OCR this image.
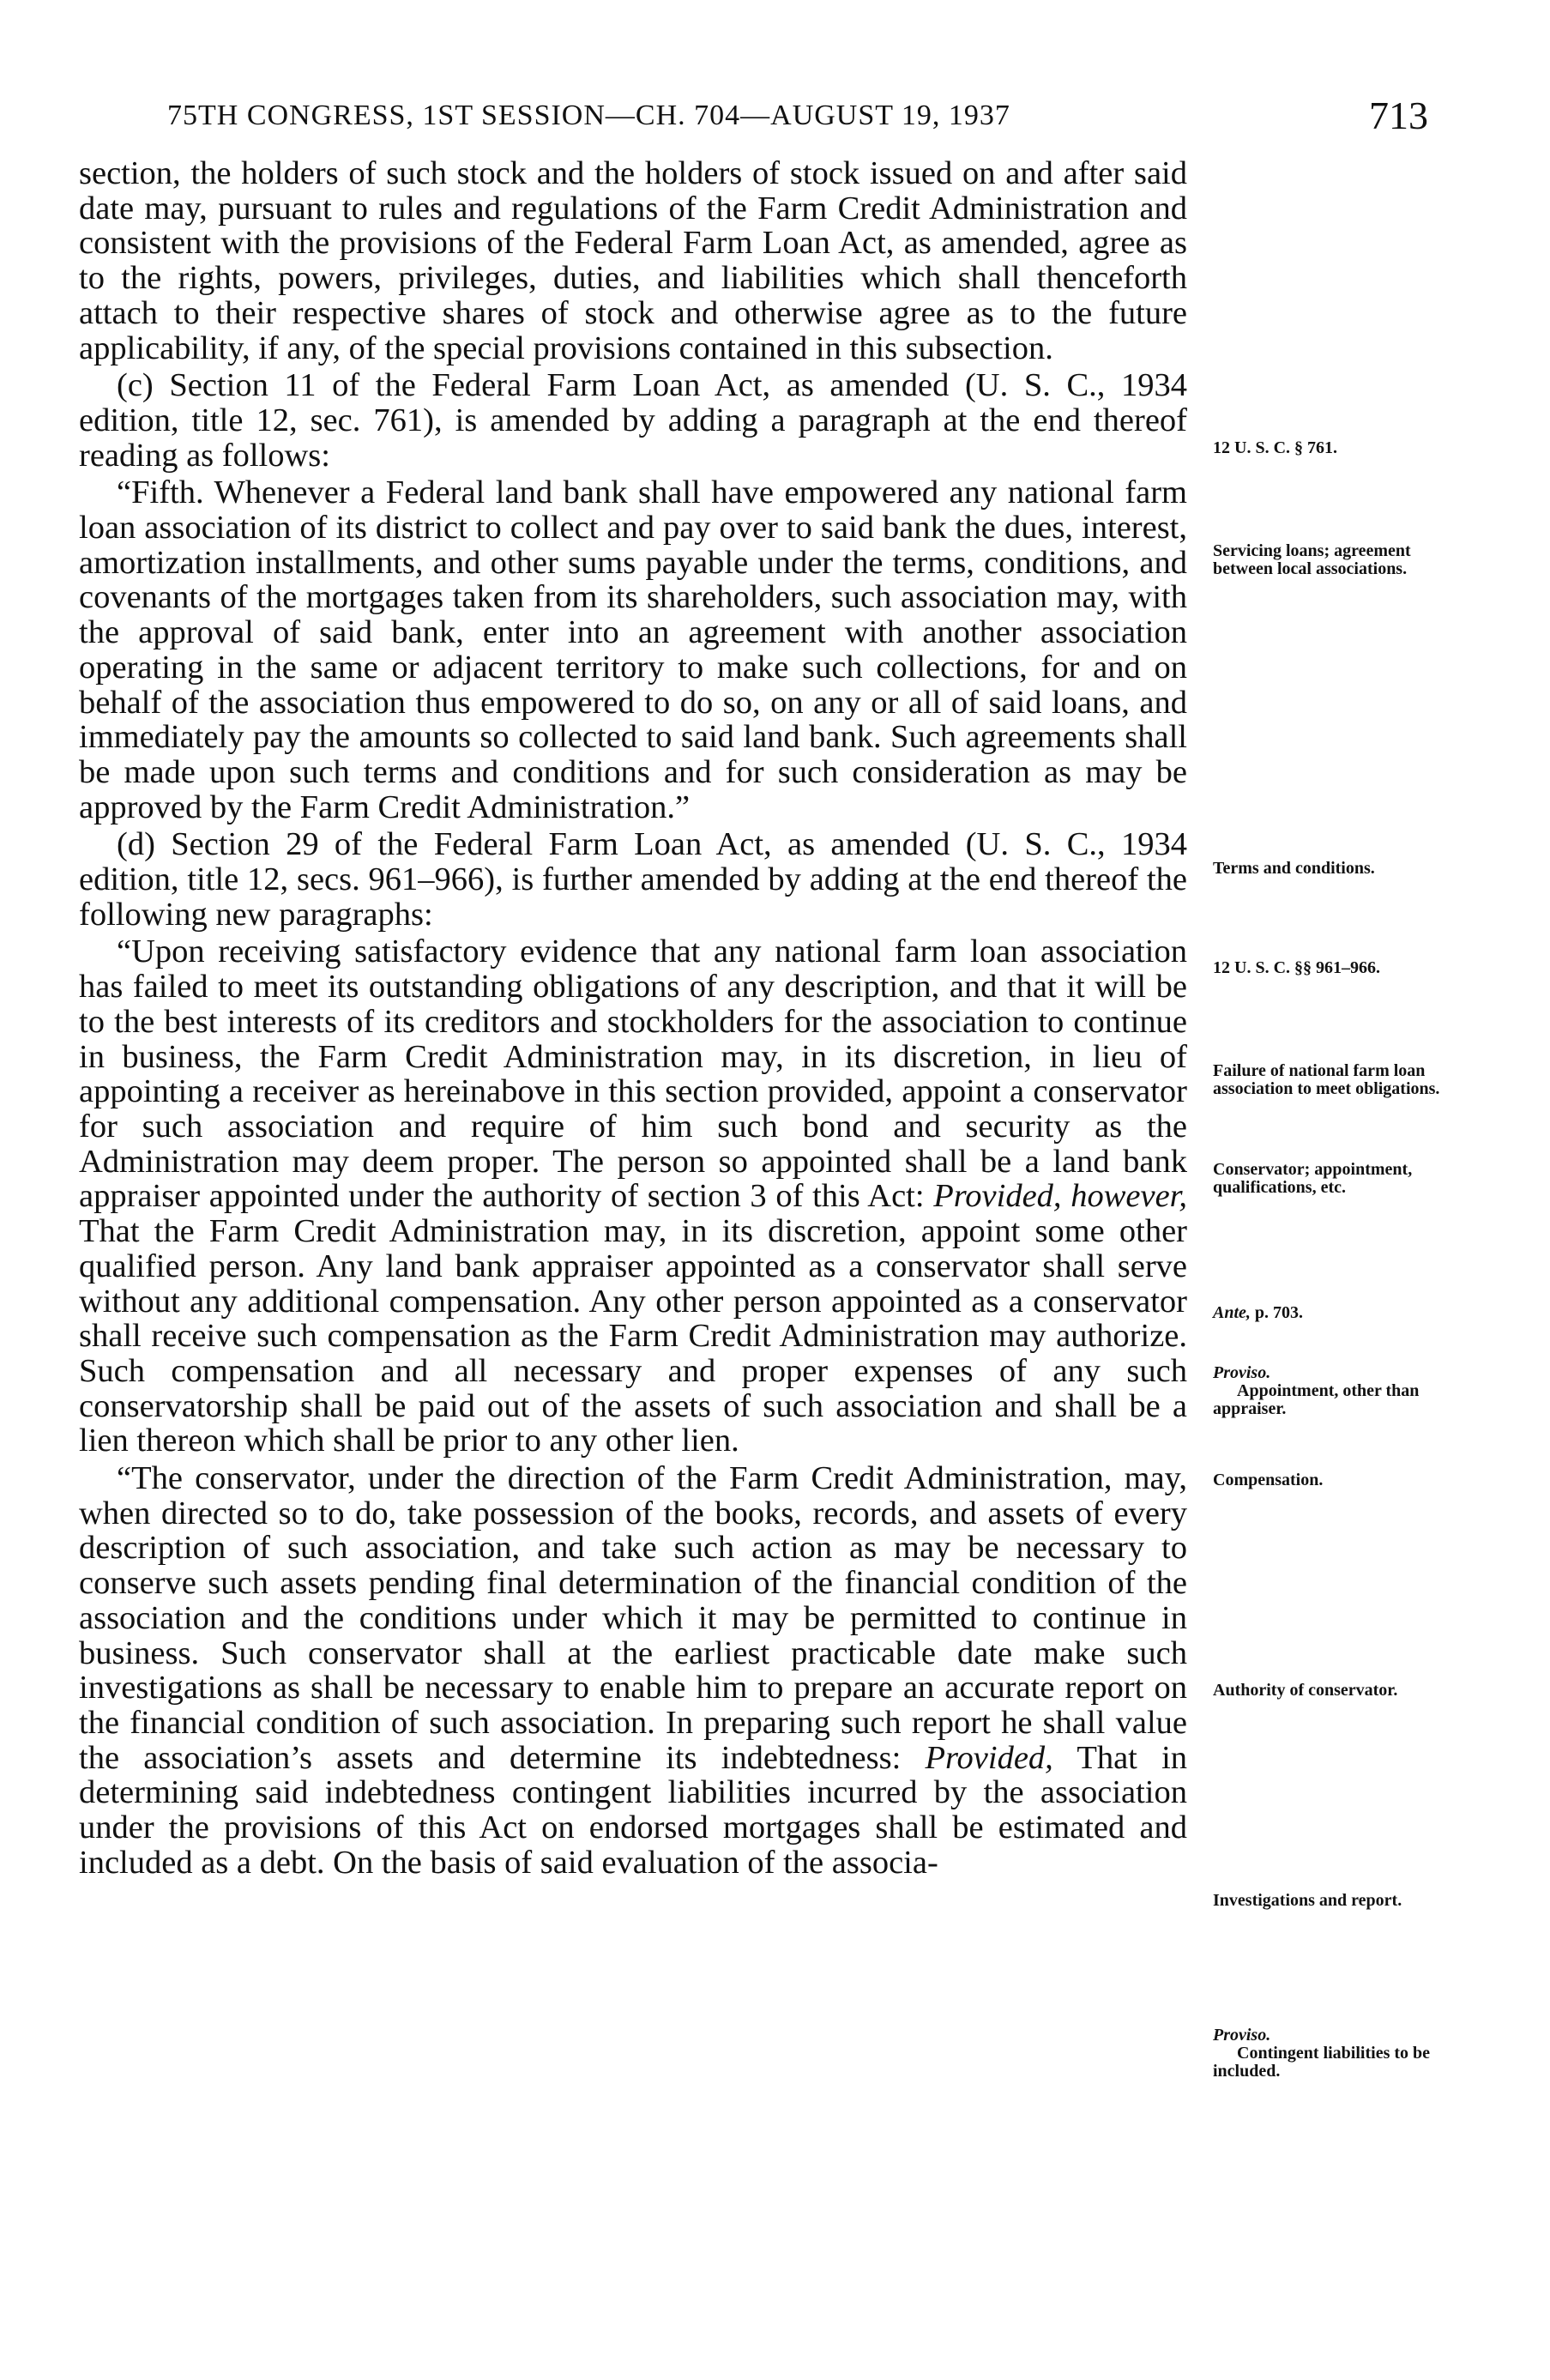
75TH CONGRESS, 1ST SESSION—CH. 704—AUGUST 19, 1937	713

section, the holders of such stock and the holders of stock issued on and after said date may, pursuant to rules and regulations of the Farm Credit Administration and consistent with the provisions of the Federal Farm Loan Act, as amended, agree as to the rights, powers, privileges, duties, and liabilities which shall thenceforth attach to their respective shares of stock and otherwise agree as to the future applicability, if any, of the special provisions contained in this subsection.

(c) Section 11 of the Federal Farm Loan Act, as amended (U. S. C., 1934 edition, title 12, sec. 761), is amended by adding a paragraph at the end thereof reading as follows:

“Fifth. Whenever a Federal land bank shall have empowered any national farm loan association of its district to collect and pay over to said bank the dues, interest, amortization installments, and other sums payable under the terms, conditions, and covenants of the mortgages taken from its shareholders, such association may, with the approval of said bank, enter into an agreement with another association operating in the same or adjacent territory to make such collections, for and on behalf of the association thus empowered to do so, on any or all of said loans, and immediately pay the amounts so collected to said land bank. Such agreements shall be made upon such terms and conditions and for such consideration as may be approved by the Farm Credit Administration.”

(d) Section 29 of the Federal Farm Loan Act, as amended (U. S. C., 1934 edition, title 12, secs. 961–966), is further amended by adding at the end thereof the following new paragraphs:

“Upon receiving satisfactory evidence that any national farm loan association has failed to meet its outstanding obligations of any description, and that it will be to the best interests of its creditors and stockholders for the association to continue in business, the Farm Credit Administration may, in its discretion, in lieu of appointing a receiver as hereinabove in this section provided, appoint a conservator for such association and require of him such bond and security as the Administration may deem proper. The person so appointed shall be a land bank appraiser appointed under the authority of section 3 of this Act: Provided, however, That the Farm Credit Administration may, in its discretion, appoint some other qualified person. Any land bank appraiser appointed as a conservator shall serve without any additional compensation. Any other person appointed as a conservator shall receive such compensation as the Farm Credit Administration may authorize. Such compensation and all necessary and proper expenses of any such conservatorship shall be paid out of the assets of such association and shall be a lien thereon which shall be prior to any other lien.

“The conservator, under the direction of the Farm Credit Administration, may, when directed so to do, take possession of the books, records, and assets of every description of such association, and take such action as may be necessary to conserve such assets pending final determination of the financial condition of the association and the conditions under which it may be permitted to continue in business. Such conservator shall at the earliest practicable date make such investigations as shall be necessary to enable him to prepare an accurate report on the financial condition of such association. In preparing such report he shall value the association’s assets and determine its indebtedness: Provided, That in determining said indebtedness contingent liabilities incurred by the association under the provisions of this Act on endorsed mortgages shall be estimated and included as a debt. On the basis of said evaluation of the associa-

12 U. S. C. § 761.
Servicing loans; agreement between local associations.
Terms and conditions.
12 U. S. C. §§ 961–966.
Failure of national farm loan association to meet obligations.
Conservator; appointment, qualifications, etc.
Ante, p. 703.
Proviso.
Appointment, other than appraiser.
Compensation.
Authority of conservator.
Investigations and report.
Proviso.
Contingent liabilities to be included.
